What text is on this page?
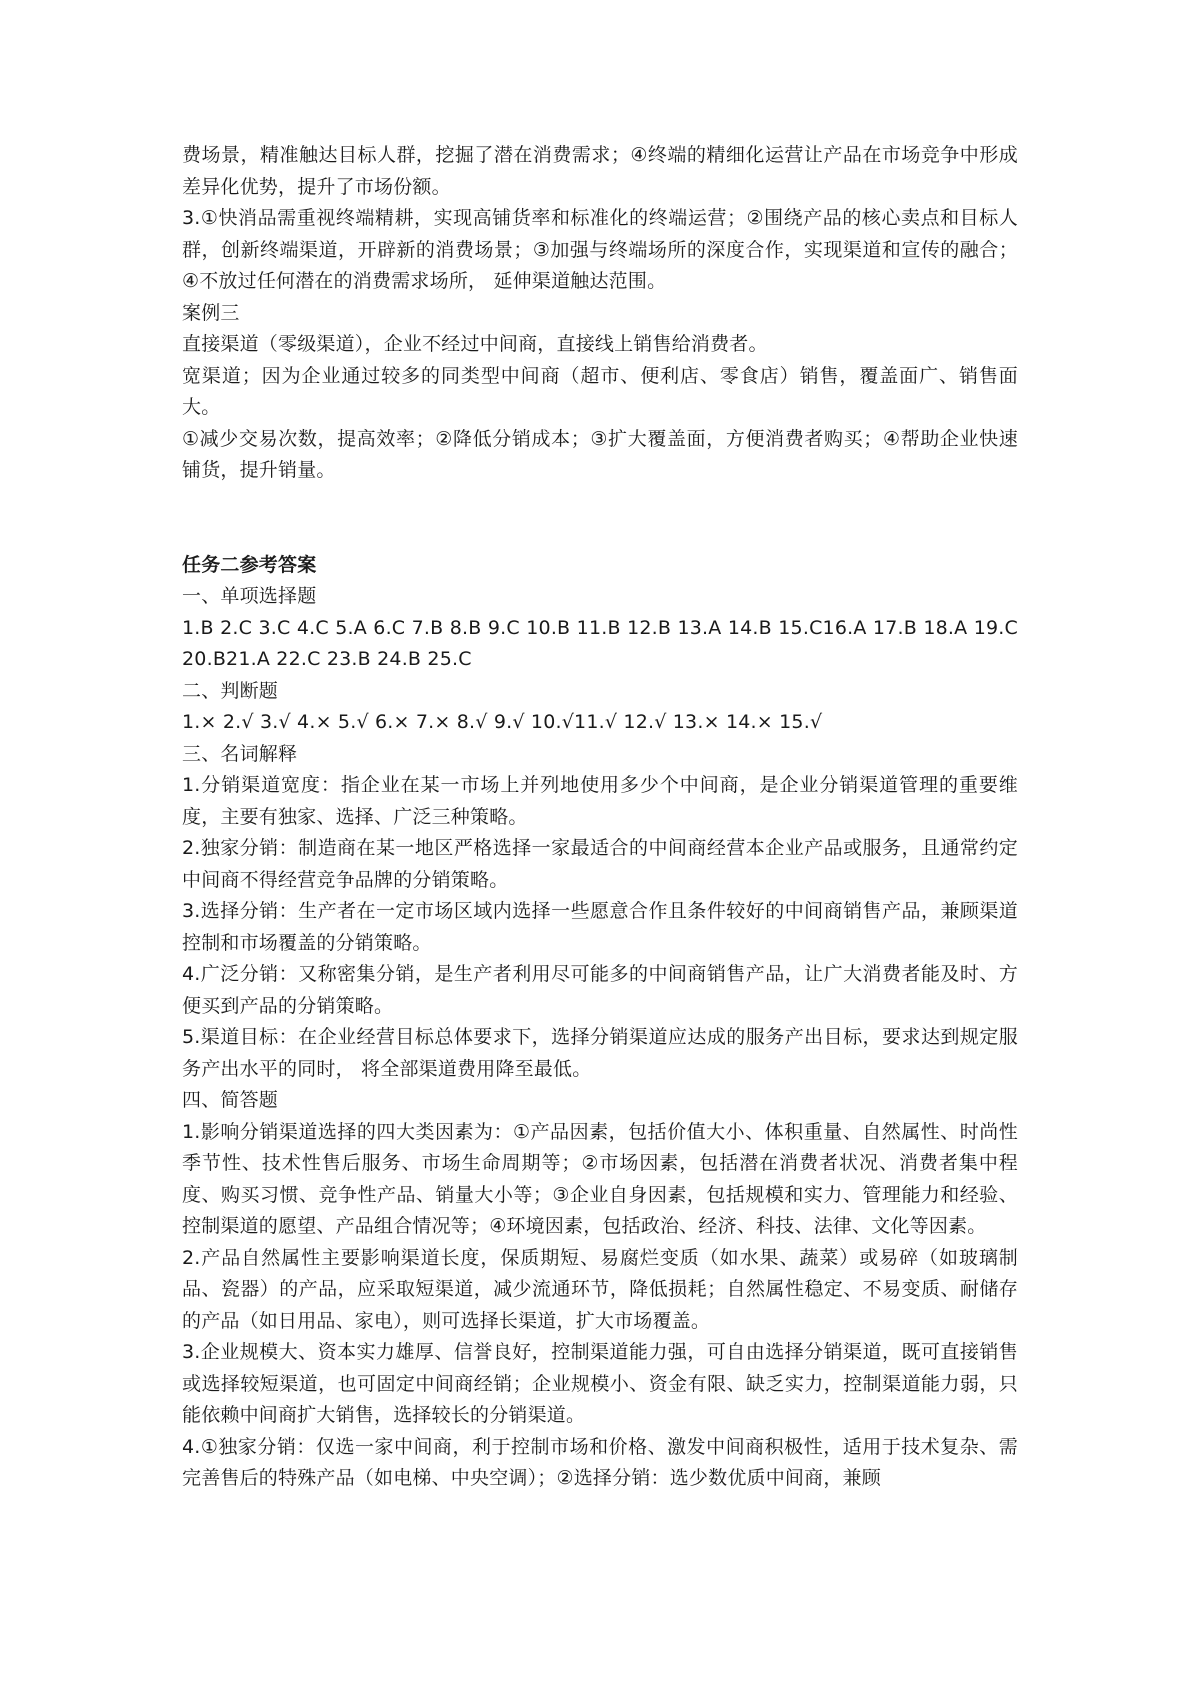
费场景，精准触达目标人群，挖掘了潜在消费需求；④终端的精细化运营让产品在市场竞争中形成差异化优势，提升了市场份额。

3.①快消品需重视终端精耕，实现高铺货率和标准化的终端运营；②围绕产品的核心卖点和目标人群，创新终端渠道，开辟新的消费场景；③加强与终端场所的深度合作，实现渠道和宣传的融合；④不放过任何潜在的消费需求场所， 延伸渠道触达范围。

案例三

直接渠道（零级渠道），企业不经过中间商，直接线上销售给消费者。

宽渠道；因为企业通过较多的同类型中间商（超市、便利店、零食店）销售，覆盖面广、销售面大。

①减少交易次数，提高效率；②降低分销成本；③扩大覆盖面，方便消费者购买；④帮助企业快速铺货，提升销量。

任务二参考答案

一、单项选择题

1.B 2.C 3.C 4.C 5.A 6.C 7.B 8.B 9.C 10.B 11.B 12.B 13.A 14.B 15.C16.A 17.B 18.A 19.C 20.B21.A 22.C 23.B 24.B 25.C

二、判断题

1.× 2.√ 3.√ 4.× 5.√ 6.× 7.× 8.√ 9.√ 10.√11.√ 12.√ 13.× 14.× 15.√

三、名词解释

1.分销渠道宽度：指企业在某一市场上并列地使用多少个中间商，是企业分销渠道管理的重要维度，主要有独家、选择、广泛三种策略。

2.独家分销：制造商在某一地区严格选择一家最适合的中间商经营本企业产品或服务，且通常约定中间商不得经营竞争品牌的分销策略。

3.选择分销：生产者在一定市场区域内选择一些愿意合作且条件较好的中间商销售产品，兼顾渠道控制和市场覆盖的分销策略。

4.广泛分销：又称密集分销，是生产者利用尽可能多的中间商销售产品，让广大消费者能及时、方便买到产品的分销策略。

5.渠道目标：在企业经营目标总体要求下，选择分销渠道应达成的服务产出目标，要求达到规定服务产出水平的同时， 将全部渠道费用降至最低。

四、简答题

1.影响分销渠道选择的四大类因素为：①产品因素，包括价值大小、体积重量、自然属性、时尚性季节性、技术性售后服务、市场生命周期等；②市场因素，包括潜在消费者状况、消费者集中程度、购买习惯、竞争性产品、销量大小等；③企业自身因素，包括规模和实力、管理能力和经验、控制渠道的愿望、产品组合情况等；④环境因素，包括政治、经济、科技、法律、文化等因素。

2.产品自然属性主要影响渠道长度，保质期短、易腐烂变质（如水果、蔬菜）或易碎（如玻璃制品、瓷器）的产品，应采取短渠道，减少流通环节，降低损耗；自然属性稳定、不易变质、耐储存的产品（如日用品、家电），则可选择长渠道，扩大市场覆盖。

3.企业规模大、资本实力雄厚、信誉良好，控制渠道能力强，可自由选择分销渠道，既可直接销售或选择较短渠道，也可固定中间商经销；企业规模小、资金有限、缺乏实力，控制渠道能力弱，只能依赖中间商扩大销售，选择较长的分销渠道。

4.①独家分销：仅选一家中间商，利于控制市场和价格、激发中间商积极性，适用于技术复杂、需完善售后的特殊产品（如电梯、中央空调）；②选择分销：选少数优质中间商，兼顾
